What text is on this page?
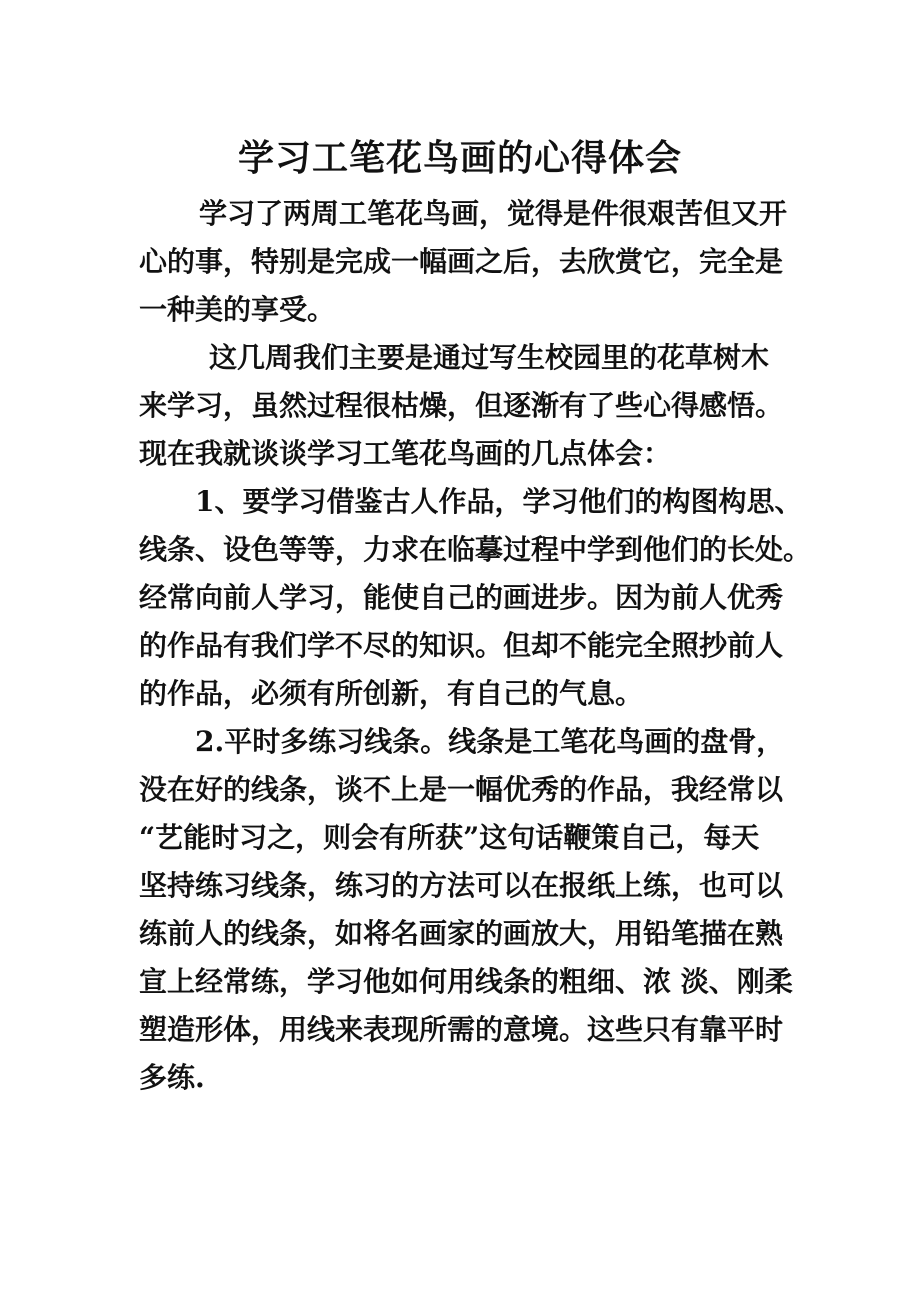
学习工笔花鸟画的心得体会

学习了两周工笔花鸟画，觉得是件很艰苦但又开

心的事，特别是完成一幅画之后，去欣赏它，完全是

一种美的享受。

这几周我们主要是通过写生校园里的花草树木

来学习，虽然过程很枯燥，但逐渐有了些心得感悟。

现在我就谈谈学习工笔花鸟画的几点体会：

1、要学习借鉴古人作品，学习他们的构图构思、

线条、设色等等，力求在临摹过程中学到他们的长处。

经常向前人学习，能使自己的画进步。因为前人优秀

的作品有我们学不尽的知识。但却不能完全照抄前人

的作品，必须有所创新，有自己的气息。

2.平时多练习线条。线条是工笔花鸟画的盘骨，

没在好的线条，谈不上是一幅优秀的作品，我经常以

“艺能时习之，则会有所获”这句话鞭策自己，每天

坚持练习线条，练习的方法可以在报纸上练，也可以

练前人的线条，如将名画家的画放大，用铅笔描在熟

宣上经常练，学习他如何用线条的粗细、浓 淡、刚柔

塑造形体，用线来表现所需的意境。这些只有靠平时

多练.
